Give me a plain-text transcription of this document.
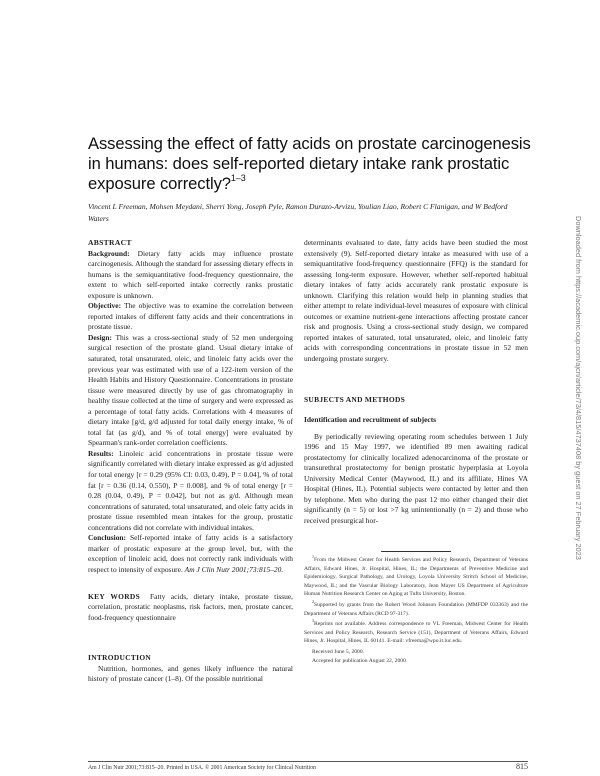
Assessing the effect of fatty acids on prostate carcinogenesis in humans: does self-reported dietary intake rank prostatic exposure correctly?$^{1-3}$
Vincent L Freeman, Mohsen Meydani, Sherri Yong, Joseph Pyle, Ramon Durazo-Arvizu, Youlian Liao, Robert C Flanigan, and W Bedford Waters

ABSTRACT

Background: Dietary fatty acids may influence prostate carcinogenesis. Although the standard for assessing dietary effects in humans is the semiquantitative food-frequency questionnaire, the extent to which self-reported intake correctly ranks prostatic exposure is unknown.

Objective: The objective was to examine the correlation between reported intakes of different fatty acids and their concentrations in prostate tissue.

Design: This was a cross-sectional study of 52 men undergoing surgical resection of the prostate gland. Usual dietary intake of saturated, total unsaturated, oleic, and linoleic fatty acids over the previous year was estimated with use of a 122-item version of the Health Habits and History Questionnaire. Concentrations in prostate tissue were measured directly by use of gas chromatography in healthy tissue collected at the time of surgery and were expressed as a percentage of total fatty acids. Correlations with 4 measures of dietary intake [g/d, g/d adjusted for total daily energy intake, % of total fat (as g/d), and % of total energy] were evaluated by Spearman's rank-order correlation coefficients.

Results: Linoleic acid concentrations in prostate tissue were significantly correlated with dietary intake expressed as g/d adjusted for total energy [r = 0.29 (95% CI: 0.03, 0.49), P = 0.04], % of total fat [r = 0.36 (0.14, 0.550), P = 0.008], and % of total energy [r = 0.28 (0.04, 0.49), P = 0.042], but not as g/d. Although mean concentrations of saturated, total unsaturated, and oleic fatty acids in prostate tissue resembled mean intakes for the group, prostatic concentrations did not correlate with individual intakes.

Conclusion: Self-reported intake of fatty acids is a satisfactory marker of prostatic exposure at the group level, but, with the exception of linoleic acid, does not correctly rank individuals with respect to intensity of exposure. Am J Clin Nutr 2001;73:815–20.

KEY WORDS Fatty acids, dietary intake, prostate tissue, correlation, prostatic neoplasms, risk factors, men, prostate cancer, food-frequency questionnaire

INTRODUCTION

Nutrition, hormones, and genes likely influence the natural history of prostate cancer (1–8). Of the possible nutritional

determinants evaluated to date, fatty acids have been studied the most extensively (9). Self-reported dietary intake as measured with use of a semiquantitative food-frequency questionnaire (FFQ) is the standard for assessing long-term exposure. However, whether self-reported habitual dietary intakes of fatty acids accurately rank prostatic exposure is unknown. Clarifying this relation would help in planning studies that either attempt to relate individual-level measures of exposure with clinical outcomes or examine nutrient-gene interactions affecting prostate cancer risk and prognosis. Using a cross-sectional study design, we compared reported intakes of saturated, total unsaturated, oleic, and linoleic fatty acids with corresponding concentrations in prostate tissue in 52 men undergoing prostate surgery.

SUBJECTS AND METHODS

Identification and recruitment of subjects

By periodically reviewing operating room schedules between 1 July 1996 and 15 May 1997, we identified 89 men awaiting radical prostatectomy for clinically localized adenocarcinoma of the prostate or transurethral prostatectomy for benign prostatic hyperplasia at Loyola University Medical Center (Maywood, IL) and its affiliate, Hines VA Hospital (Hines, IL). Potential subjects were contacted by letter and then by telephone. Men who during the past 12 mo either changed their diet significantly (n = 5) or lost >7 kg unintentionally (n = 2) and those who received presurgical hor-

$^1$From the Midwest Center for Health Services and Policy Research, Department of Veterans Affairs, Edward Hines, Jr. Hospital, Hines, IL; the Departments of Preventive Medicine and Epidemiology, Surgical Pathology, and Urology, Loyola University Stritch School of Medicine, Maywood, IL; and the Vascular Biology Laboratory, Jean Mayer US Department of Agriculture Human Nutrition Research Center on Aging at Tufts University, Boston.

$^2$Supported by grants from the Robert Wood Johnson Foundation (MMFDP 033363) and the Department of Veterans Affairs (RCD 97-317).

$^3$Reprints not available. Address correspondence to VL Freeman, Midwest Center for Health Services and Policy Research, Research Service (151), Department of Veterans Affairs, Edward Hines, Jr. Hospital, Hines, IL 60141. E-mail: vfreema@wpo.it.luc.edu.

Received June 5, 2000.

Accepted for publication August 22, 2000.

Am J Clin Nutr 2001;73:815–20. Printed in USA. © 2001 American Society for Clinical Nutrition	815
Downloaded from https://academic.oup.com/ajcn/article/73/4/815/4737408 by guest on 27 February 2023
